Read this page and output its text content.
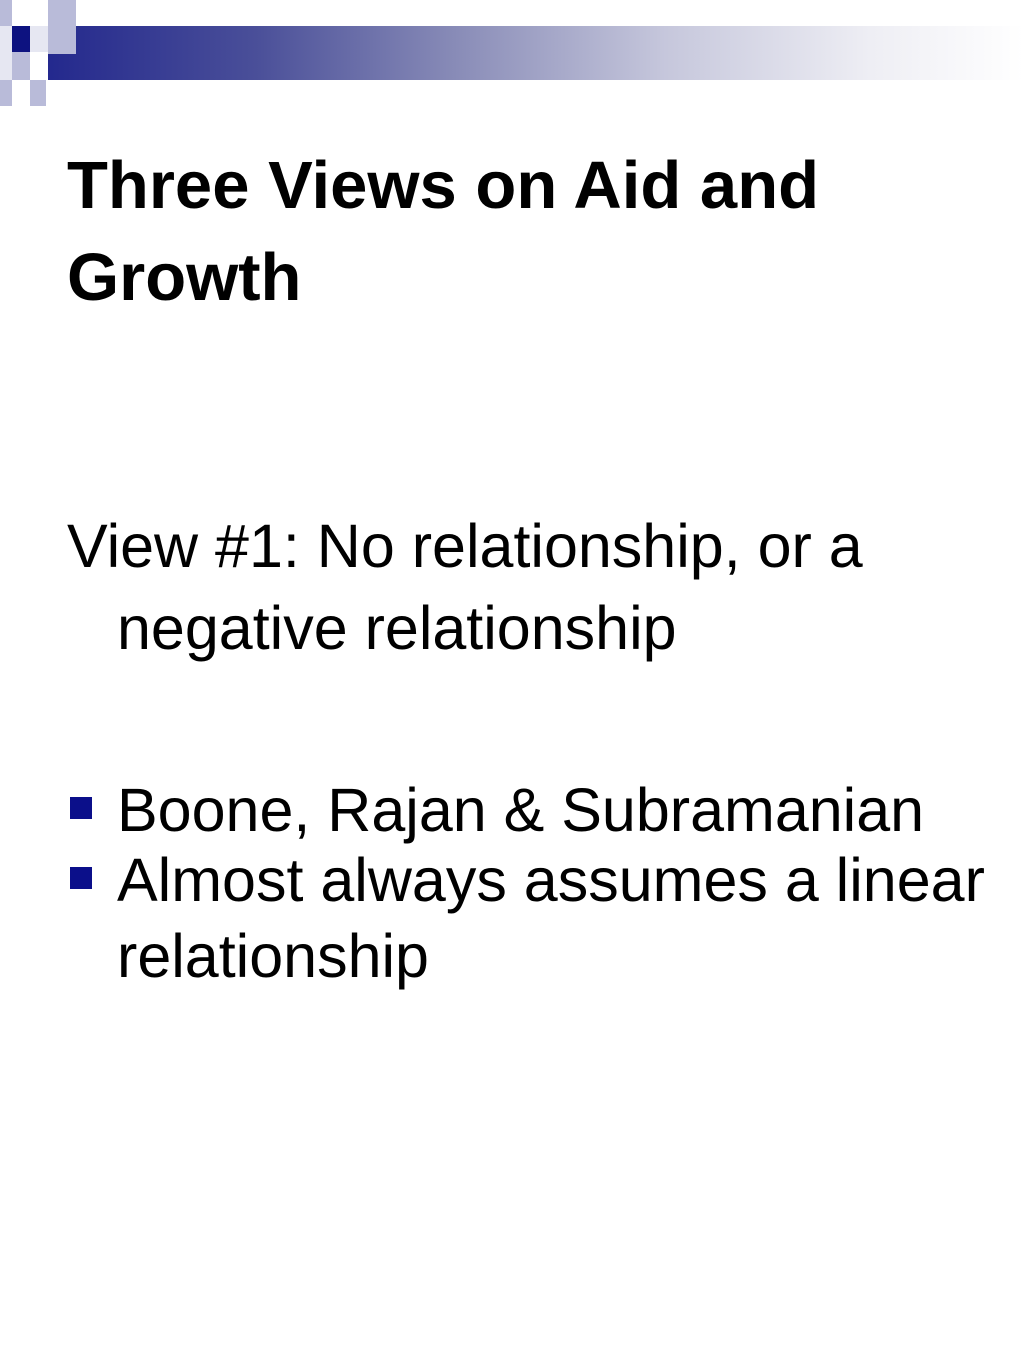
Three Views on Aid and Growth

View #1: No relationship, or a negative relationship

Boone, Rajan & Subramanian
Almost always assumes a linear relationship
